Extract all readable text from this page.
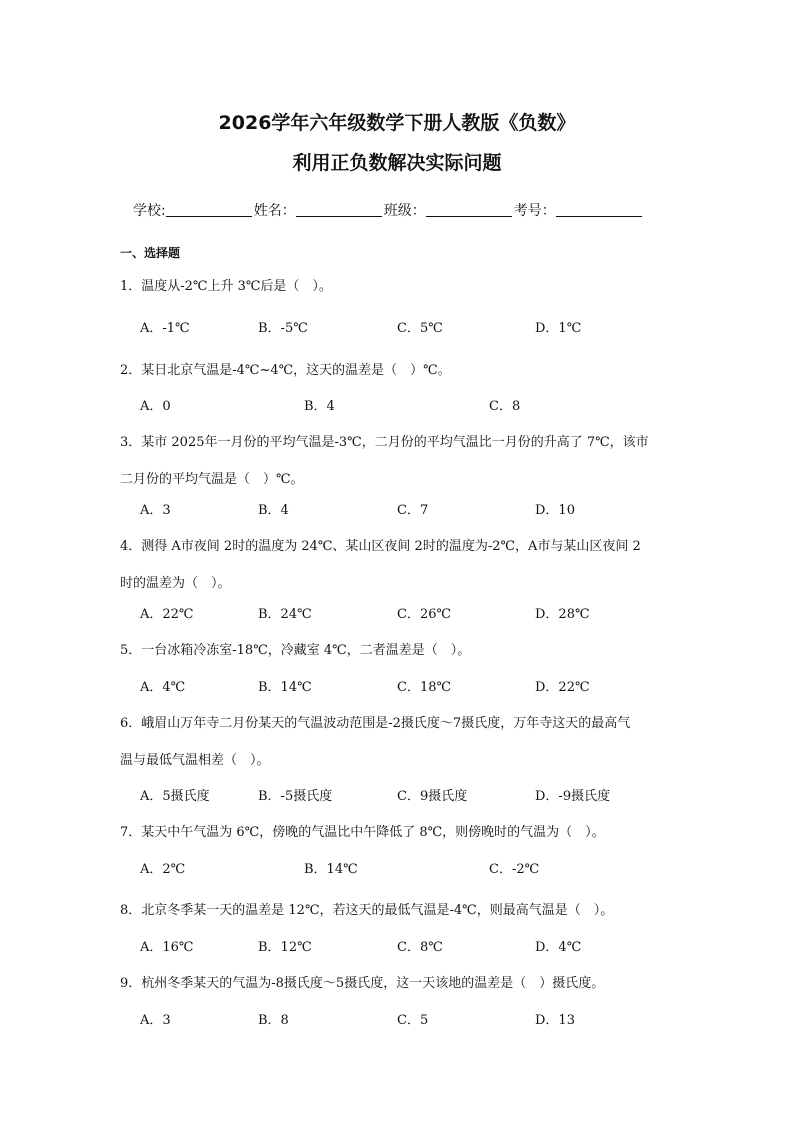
2026学年六年级数学下册人教版《负数》
利用正负数解决实际问题
学校:	姓名：	班级：	考号：
一、选择题
1．温度从-2℃上升 3℃后是（　）。
A．-1℃	B．-5℃	C．5℃	D．1℃
2．某日北京气温是-4℃~4℃，这天的温差是（　）℃。
A．0	B．4	C．8
3．某市 2025年一月份的平均气温是-3℃，二月份的平均气温比一月份的升高了 7℃，该市
二月份的平均气温是（　）℃。
A．3	B．4	C．7	D．10
4．测得 A市夜间 2时的温度为 24℃、某山区夜间 2时的温度为-2℃，A市与某山区夜间 2
时的温差为（　）。
A．22℃	B．24℃	C．26℃	D．28℃
5．一台冰箱冷冻室-18℃，冷藏室 4℃，二者温差是（　）。
A．4℃	B．14℃	C．18℃	D．22℃
6．峨眉山万年寺二月份某天的气温波动范围是-2摄氏度～7摄氏度，万年寺这天的最高气
温与最低气温相差（　）。
A．5摄氏度	B．-5摄氏度	C．9摄氏度	D．-9摄氏度
7．某天中午气温为 6℃，傍晚的气温比中午降低了 8℃，则傍晚时的气温为（　）。
A．2℃	B．14℃	C．-2℃
8．北京冬季某一天的温差是 12℃，若这天的最低气温是-4℃，则最高气温是（　）。
A．16℃	B．12℃	C．8℃	D．4℃
9．杭州冬季某天的气温为-8摄氏度～5摄氏度，这一天该地的温差是（　）摄氏度。
A．3	B．8	C．5	D．13
